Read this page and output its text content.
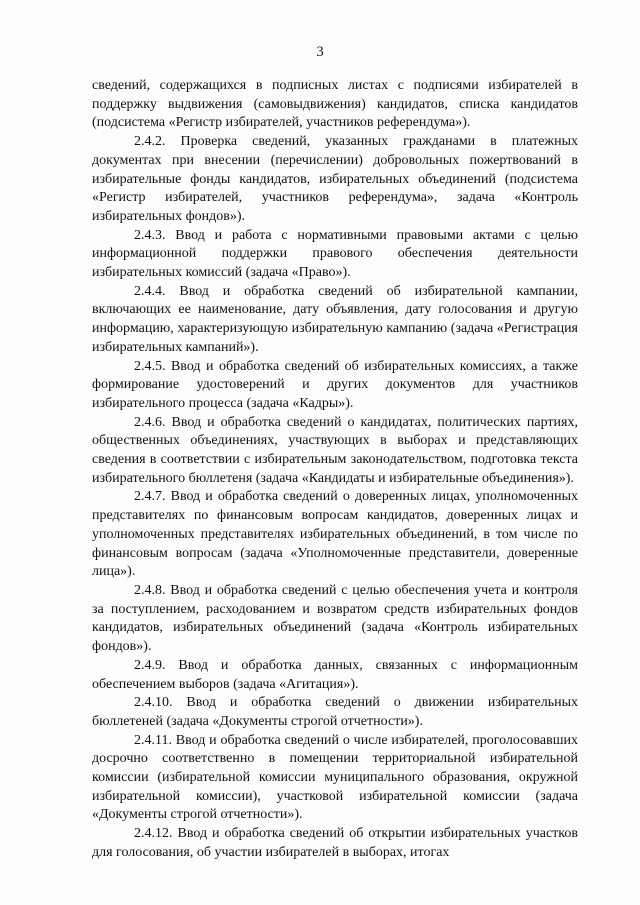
3

сведений, содержащихся в подписных листах с подписями избирателей в поддержку выдвижения (самовыдвижения) кандидатов, списка кандидатов (подсистема «Регистр избирателей, участников референдума»).

2.4.2. Проверка сведений, указанных гражданами в платежных документах при внесении (перечислении) добровольных пожертвований в избирательные фонды кандидатов, избирательных объединений (подсистема «Регистр избирателей, участников референдума», задача «Контроль избирательных фондов»).

2.4.3. Ввод и работа с нормативными правовыми актами с целью информационной поддержки правового обеспечения деятельности избирательных комиссий (задача «Право»).

2.4.4. Ввод и обработка сведений об избирательной кампании, включающих ее наименование, дату объявления, дату голосования и другую информацию, характеризующую избирательную кампанию (задача «Регистрация избирательных кампаний»).

2.4.5. Ввод и обработка сведений об избирательных комиссиях, а также формирование удостоверений и других документов для участников избирательного процесса (задача «Кадры»).

2.4.6. Ввод и обработка сведений о кандидатах, политических партиях, общественных объединениях, участвующих в выборах и представляющих сведения в соответствии с избирательным законодательством, подготовка текста избирательного бюллетеня (задача «Кандидаты и избирательные объединения»).

2.4.7. Ввод и обработка сведений о доверенных лицах, уполномоченных представителях по финансовым вопросам кандидатов, доверенных лицах и уполномоченных представителях избирательных объединений, в том числе по финансовым вопросам (задача «Уполномоченные представители, доверенные лица»).

2.4.8. Ввод и обработка сведений с целью обеспечения учета и контроля за поступлением, расходованием и возвратом средств избирательных фондов кандидатов, избирательных объединений (задача «Контроль избирательных фондов»).

2.4.9. Ввод и обработка данных, связанных с информационным обеспечением выборов (задача «Агитация»).

2.4.10. Ввод и обработка сведений о движении избирательных бюллетеней (задача «Документы строгой отчетности»).

2.4.11. Ввод и обработка сведений о числе избирателей, проголосовавших досрочно соответственно в помещении территориальной избирательной комиссии (избирательной комиссии муниципального образования, окружной избирательной комиссии), участковой избирательной комиссии (задача «Документы строгой отчетности»).

2.4.12. Ввод и обработка сведений об открытии избирательных участков для голосования, об участии избирателей в выборах, итогах
